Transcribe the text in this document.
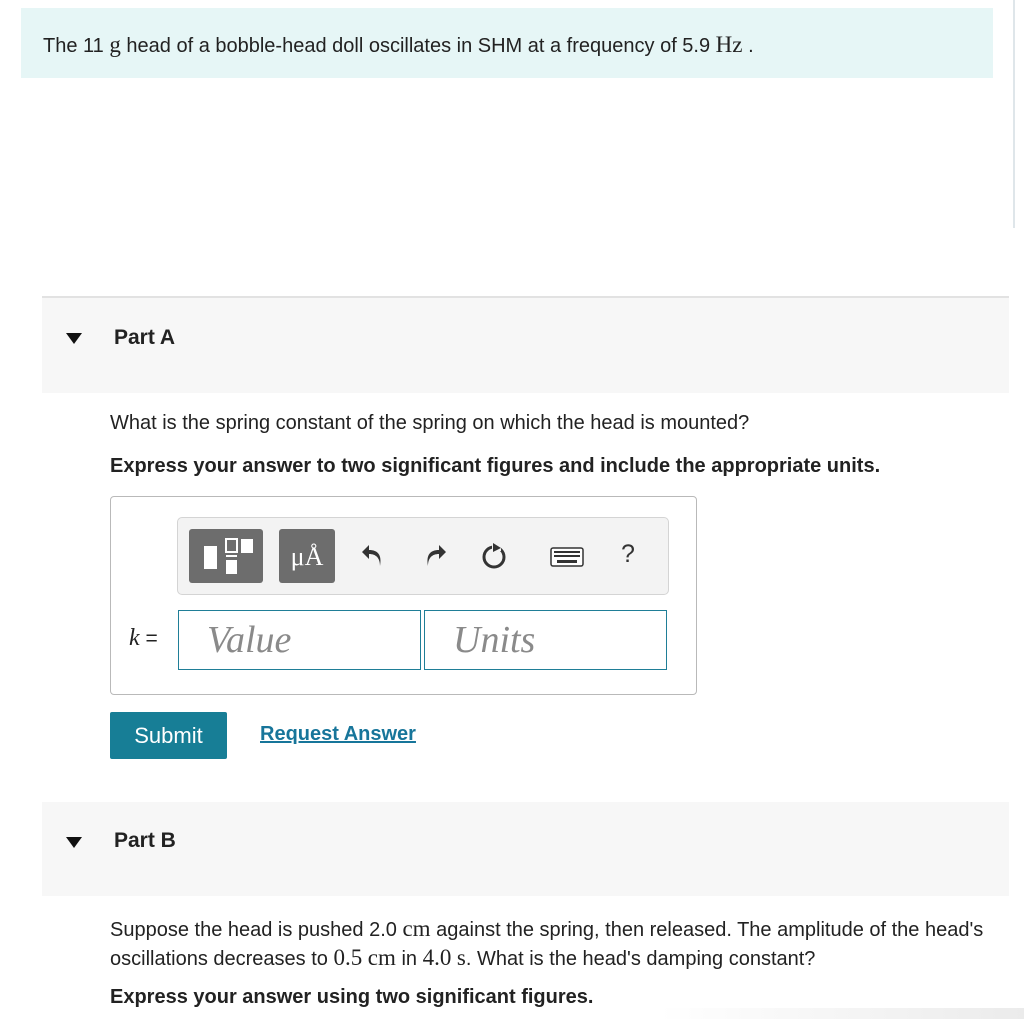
The 11 g head of a bobble-head doll oscillates in SHM at a frequency of 5.9 Hz .

Part A

What is the spring constant of the spring on which the head is mounted?

Express your answer to two significant figures and include the appropriate units.

μÅ	?
k =
Value
Units
Submit	Request Answer
Part B

Suppose the head is pushed 2.0 cm against the spring, then released. The amplitude of the head's oscillations decreases to 0.5 cm in 4.0 s. What is the head's damping constant?

Express your answer using two significant figures.
